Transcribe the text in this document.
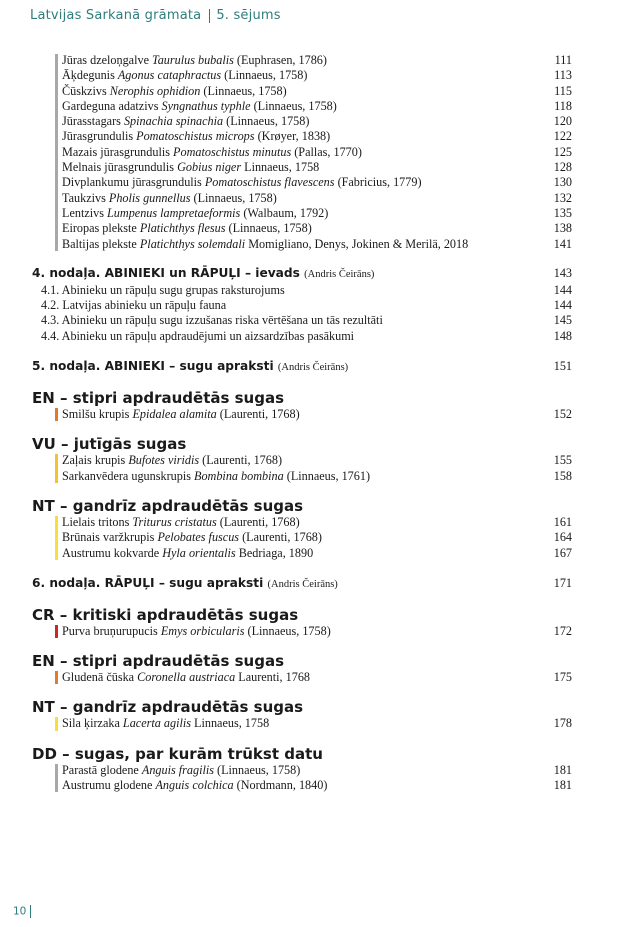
Latvijas Sarkanā grāmata 5. sējums
Jūras dzeloņgalve Taurulus bubalis (Euphrasen, 1786)	111
Āķdegunis Agonus cataphractus (Linnaeus, 1758)	113
Čūskzivs Nerophis ophidion (Linnaeus, 1758)	115
Gardeguna adatzivs Syngnathus typhle (Linnaeus, 1758)	118
Jūrasstagars Spinachia spinachia (Linnaeus, 1758)	120
Jūrasgrundulis Pomatoschistus microps (Krøyer, 1838)	122
Mazais jūrasgrundulis Pomatoschistus minutus (Pallas, 1770)	125
Melnais jūrasgrundulis Gobius niger Linnaeus, 1758	128
Divplankumu jūrasgrundulis Pomatoschistus flavescens (Fabricius, 1779)	130
Taukzivs Pholis gunnellus (Linnaeus, 1758)	132
Lentzivs Lumpenus lampretaeformis (Walbaum, 1792)	135
Eiropas plekste Platichthys flesus (Linnaeus, 1758)	138
Baltijas plekste Platichthys solemdali Momigliano, Denys, Jokinen & Merilä, 2018	141
4. nodaļa. ABINIEKI un RĀPUĻI – ievads (Andris Čeirāns)	143
4.1. Abinieku un rāpuļu sugu grupas raksturojums	144
4.2. Latvijas abinieku un rāpuļu fauna	144
4.3. Abinieku un rāpuļu sugu izzušanas riska vērtēšana un tās rezultāti	145
4.4. Abinieku un rāpuļu apdraudējumi un aizsardzības pasākumi	148
5. nodaļa. ABINIEKI – sugu apraksti (Andris Čeirāns)	151
EN – stipri apdraudētās sugas
Smilšu krupis Epidalea alamita (Laurenti, 1768)	152
VU – jutīgās sugas
Zaļais krupis Bufotes viridis (Laurenti, 1768)	155
Sarkanvēdera ugunskrupis Bombina bombina (Linnaeus, 1761)	158
NT – gandrīz apdraudētās sugas
Lielais tritons Triturus cristatus (Laurenti, 1768)	161
Brūnais varžkrupis Pelobates fuscus (Laurenti, 1768)	164
Austrumu kokvarde Hyla orientalis Bedriaga, 1890	167
6. nodaļa. RĀPUĻI – sugu apraksti (Andris Čeirāns)	171
CR – kritiski apdraudētās sugas
Purva bruņurupucis Emys orbicularis (Linnaeus, 1758)	172
EN – stipri apdraudētās sugas
Gludenā čūska Coronella austriaca Laurenti, 1768	175
NT – gandrīz apdraudētās sugas
Sila ķirzaka Lacerta agilis Linnaeus, 1758	178
DD – sugas, par kurām trūkst datu
Parastā glodene Anguis fragilis (Linnaeus, 1758)	181
Austrumu glodene Anguis colchica (Nordmann, 1840)	181
10
